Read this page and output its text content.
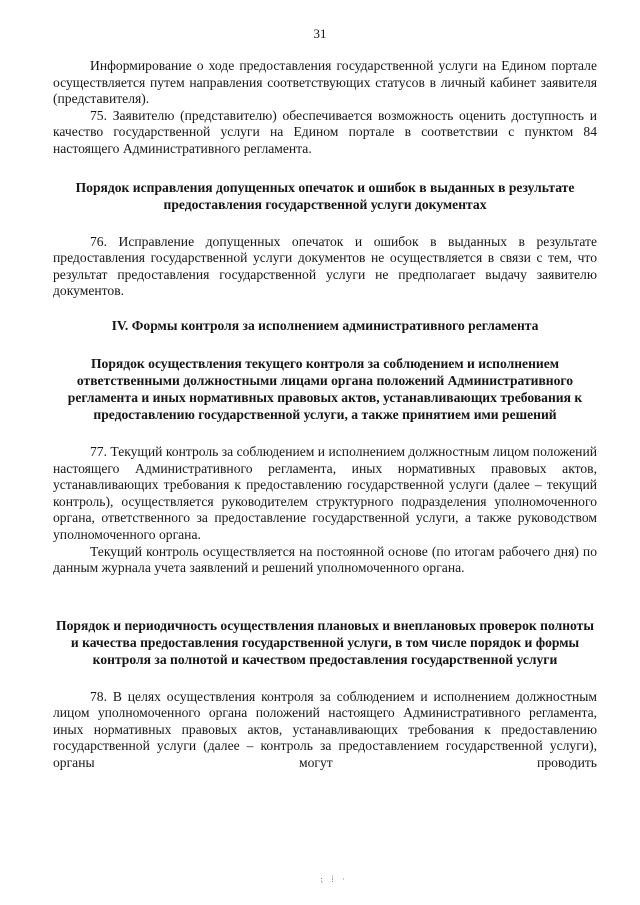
31

Информирование о ходе предоставления государственной услуги на Едином портале осуществляется путем направления соответствующих статусов в личный кабинет заявителя (представителя).

75. Заявителю (представителю) обеспечивается возможность оценить доступность и качество государственной услуги на Едином портале в соответствии с пунктом 84 настоящего Административного регламента.

Порядок исправления допущенных опечаток и ошибок в выданных в результате предоставления государственной услуги документах

76. Исправление допущенных опечаток и ошибок в выданных в результате предоставления государственной услуги документов не осуществляется в связи с тем, что результат предоставления государственной услуги не предполагает выдачу заявителю документов.

IV. Формы контроля за исполнением административного регламента
Порядок осуществления текущего контроля за соблюдением и исполнением ответственными должностными лицами органа положений Административного регламента и иных нормативных правовых актов, устанавливающих требования к предоставлению государственной услуги, а также принятием ими решений

77. Текущий контроль за соблюдением и исполнением должностным лицом положений настоящего Административного регламента, иных нормативных правовых актов, устанавливающих требования к предоставлению государственной услуги (далее – текущий контроль), осуществляется руководителем структурного подразделения уполномоченного органа, ответственного за предоставление государственной услуги, а также руководством уполномоченного органа.

Текущий контроль осуществляется на постоянной основе (по итогам рабочего дня) по данным журнала учета заявлений и решений уполномоченного органа.

Порядок и периодичность осуществления плановых и внеплановых проверок полноты и качества предоставления государственной услуги, в том числе порядок и формы контроля за полнотой и качеством предоставления государственной услуги

78. В целях осуществления контроля за соблюдением и исполнением должностным лицом уполномоченного органа положений настоящего Административного регламента, иных нормативных правовых актов, устанавливающих требования к предоставлению государственной услуги (далее – контроль за предоставлением государственной услуги), органы могут проводить

⁏ ⁞ ·
